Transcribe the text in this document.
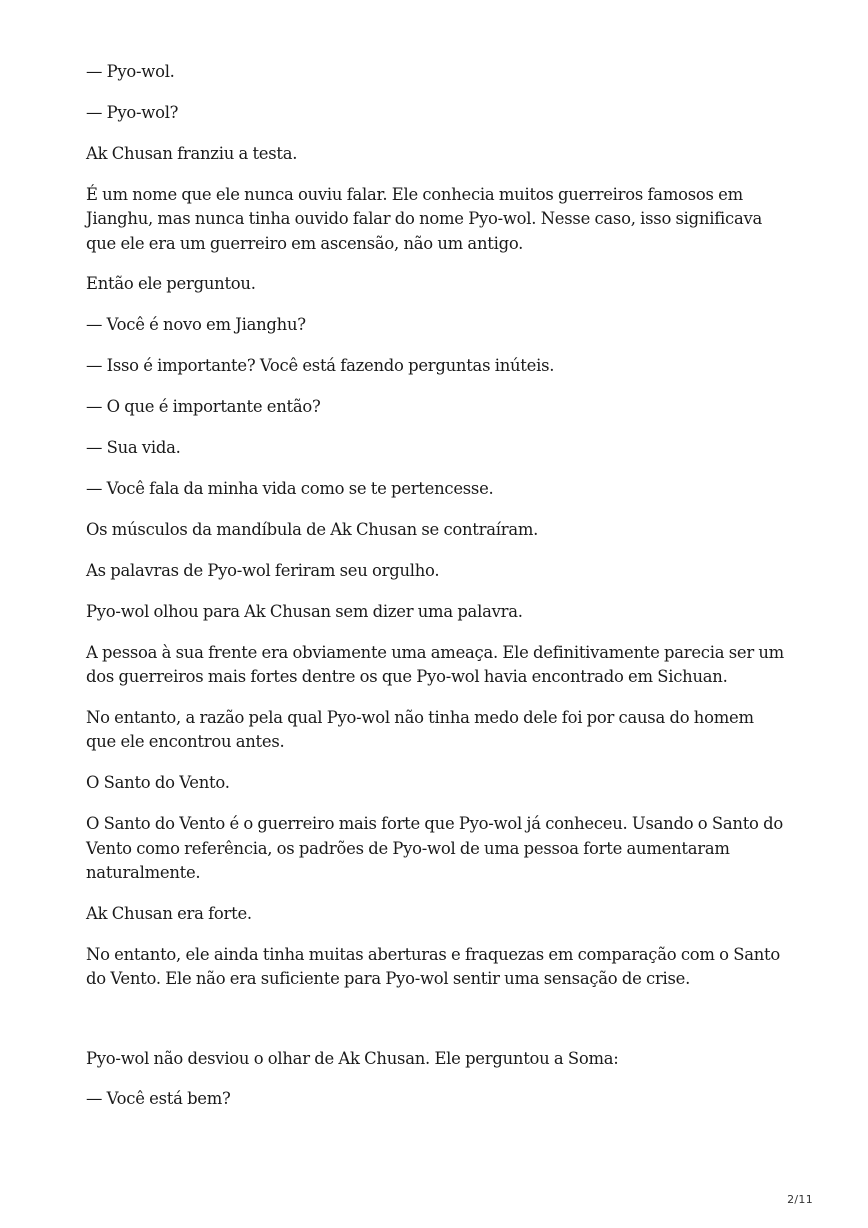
— Pyo-wol.

— Pyo-wol?

Ak Chusan franziu a testa.

É um nome que ele nunca ouviu falar. Ele conhecia muitos guerreiros famosos em Jianghu, mas nunca tinha ouvido falar do nome Pyo-wol. Nesse caso, isso significava que ele era um guerreiro em ascensão, não um antigo.

Então ele perguntou.

— Você é novo em Jianghu?

— Isso é importante? Você está fazendo perguntas inúteis.

— O que é importante então?

— Sua vida.

— Você fala da minha vida como se te pertencesse.

Os músculos da mandíbula de Ak Chusan se contraíram.

As palavras de Pyo-wol feriram seu orgulho.

Pyo-wol olhou para Ak Chusan sem dizer uma palavra.

A pessoa à sua frente era obviamente uma ameaça. Ele definitivamente parecia ser um dos guerreiros mais fortes dentre os que Pyo-wol havia encontrado em Sichuan.

No entanto, a razão pela qual Pyo-wol não tinha medo dele foi por causa do homem que ele encontrou antes.

O Santo do Vento.

O Santo do Vento é o guerreiro mais forte que Pyo-wol já conheceu. Usando o Santo do Vento como referência, os padrões de Pyo-wol de uma pessoa forte aumentaram naturalmente.

Ak Chusan era forte.

No entanto, ele ainda tinha muitas aberturas e fraquezas em comparação com o Santo do Vento. Ele não era suficiente para Pyo-wol sentir uma sensação de crise.

Pyo-wol não desviou o olhar de Ak Chusan. Ele perguntou a Soma:

— Você está bem?

2/11
